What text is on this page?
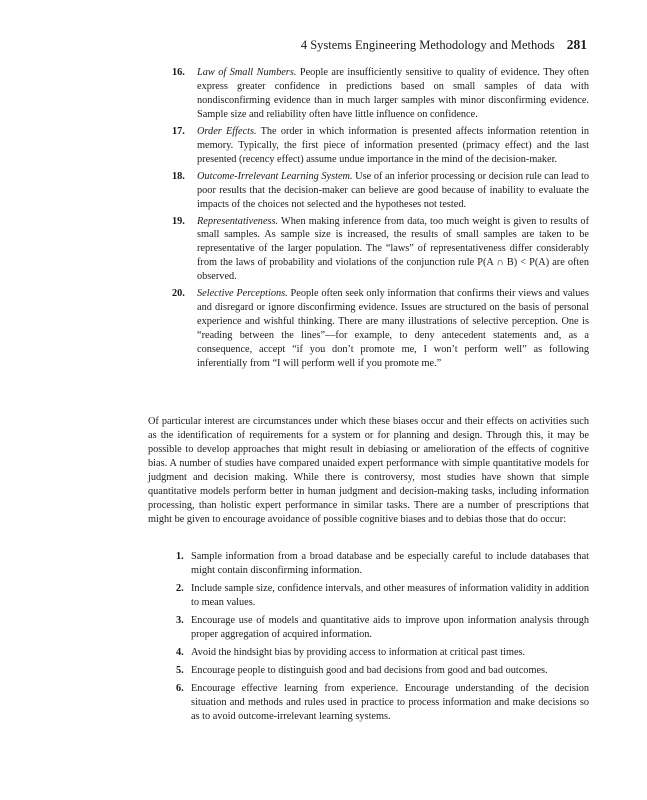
4 Systems Engineering Methodology and Methods 281
16. Law of Small Numbers. People are insufficiently sensitive to quality of evidence. They often express greater confidence in predictions based on small samples of data with nondisconfirming evidence than in much larger samples with minor disconfirming evidence. Sample size and reliability often have little influence on confidence.
17. Order Effects. The order in which information is presented affects information retention in memory. Typically, the first piece of information presented (primacy effect) and the last presented (recency effect) assume undue importance in the mind of the decision-maker.
18. Outcome-Irrelevant Learning System. Use of an inferior processing or decision rule can lead to poor results that the decision-maker can believe are good because of inability to evaluate the impacts of the choices not selected and the hypotheses not tested.
19. Representativeness. When making inference from data, too much weight is given to results of small samples. As sample size is increased, the results of small samples are taken to be representative of the larger population. The “laws” of representativeness differ considerably from the laws of probability and violations of the conjunction rule P(A ∩ B) < P(A) are often observed.
20. Selective Perceptions. People often seek only information that confirms their views and values and disregard or ignore disconfirming evidence. Issues are structured on the basis of personal experience and wishful thinking. There are many illustrations of selective perception. One is “reading between the lines”—for example, to deny antecedent statements and, as a consequence, accept “if you don’t promote me, I won’t perform well” as following inferentially from “I will perform well if you promote me.”

Of particular interest are circumstances under which these biases occur and their effects on activities such as the identification of requirements for a system or for planning and design. Through this, it may be possible to develop approaches that might result in debiasing or amelioration of the effects of cognitive bias. A number of studies have compared unaided expert performance with simple quantitative models for judgment and decision making. While there is controversy, most studies have shown that simple quantitative models perform better in human judgment and decision-making tasks, including information processing, than holistic expert performance in similar tasks. There are a number of prescriptions that might be given to encourage avoidance of possible cognitive biases and to debias those that do occur:

1. Sample information from a broad database and be especially careful to include databases that might contain disconfirming information.
2. Include sample size, confidence intervals, and other measures of information validity in addition to mean values.
3. Encourage use of models and quantitative aids to improve upon information analysis through proper aggregation of acquired information.
4. Avoid the hindsight bias by providing access to information at critical past times.
5. Encourage people to distinguish good and bad decisions from good and bad outcomes.
6. Encourage effective learning from experience. Encourage understanding of the decision situation and methods and rules used in practice to process information and make decisions so as to avoid outcome-irrelevant learning systems.
